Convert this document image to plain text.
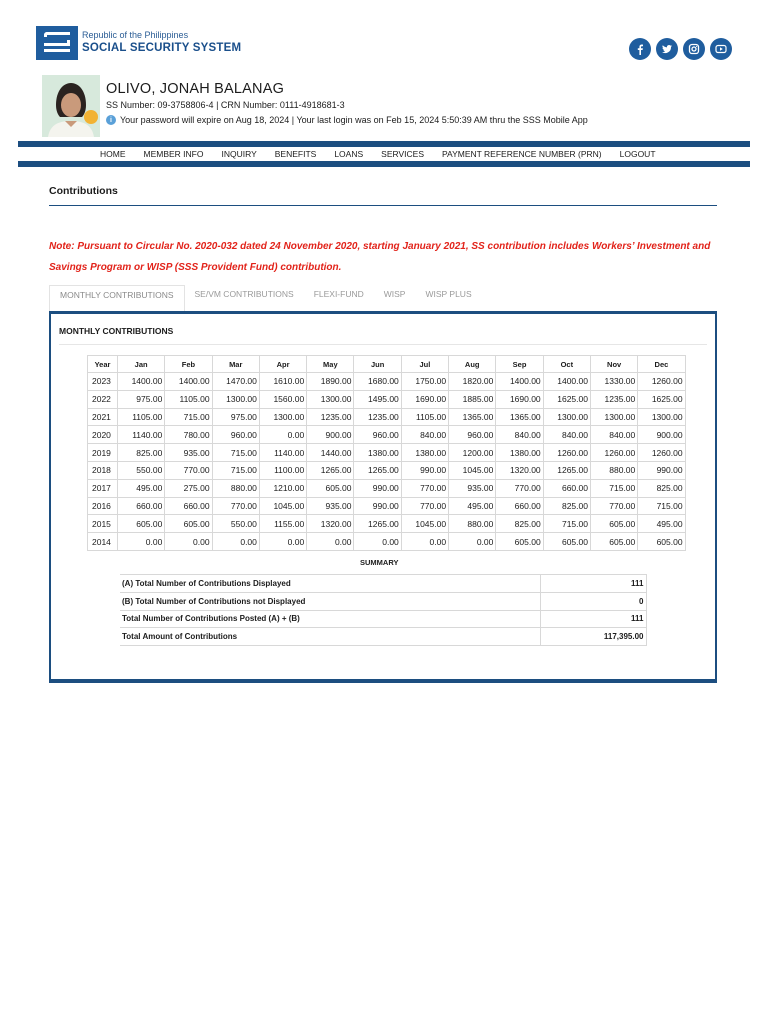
Republic of the Philippines
SOCIAL SECURITY SYSTEM
OLIVO, JONAH BALANAG
SS Number: 09-3758806-4 | CRN Number: 0111-4918681-3
i Your password will expire on Aug 18, 2024 | Your last login was on Feb 15, 2024 5:50:39 AM thru the SSS Mobile App
HOME MEMBER INFO INQUIRY BENEFITS LOANS SERVICES PAYMENT REFERENCE NUMBER (PRN) LOGOUT
Contributions
Note: Pursuant to Circular No. 2020-032 dated 24 November 2020, starting January 2021, SS contribution includes Workers’ Investment and Savings Program or WISP (SSS Provident Fund) contribution.
MONTHLY CONTRIBUTIONS	SE/VM CONTRIBUTIONS	FLEXI-FUND	WISP	WISP PLUS
MONTHLY CONTRIBUTIONS
Year	Jan	Feb	Mar	Apr	May	Jun	Jul	Aug	Sep	Oct	Nov	Dec
2023	1400.00	1400.00	1470.00	1610.00	1890.00	1680.00	1750.00	1820.00	1400.00	1400.00	1330.00	1260.00
2022	975.00	1105.00	1300.00	1560.00	1300.00	1495.00	1690.00	1885.00	1690.00	1625.00	1235.00	1625.00
2021	1105.00	715.00	975.00	1300.00	1235.00	1235.00	1105.00	1365.00	1365.00	1300.00	1300.00	1300.00
2020	1140.00	780.00	960.00	0.00	900.00	960.00	840.00	960.00	840.00	840.00	840.00	900.00
2019	825.00	935.00	715.00	1140.00	1440.00	1380.00	1380.00	1200.00	1380.00	1260.00	1260.00	1260.00
2018	550.00	770.00	715.00	1100.00	1265.00	1265.00	990.00	1045.00	1320.00	1265.00	880.00	990.00
2017	495.00	275.00	880.00	1210.00	605.00	990.00	770.00	935.00	770.00	660.00	715.00	825.00
2016	660.00	660.00	770.00	1045.00	935.00	990.00	770.00	495.00	660.00	825.00	770.00	715.00
2015	605.00	605.00	550.00	1155.00	1320.00	1265.00	1045.00	880.00	825.00	715.00	605.00	495.00
2014	0.00	0.00	0.00	0.00	0.00	0.00	0.00	0.00	605.00	605.00	605.00	605.00
SUMMARY
(A) Total Number of Contributions Displayed	111
(B) Total Number of Contributions not Displayed	0
Total Number of Contributions Posted (A) + (B)	111
Total Amount of Contributions	117,395.00
